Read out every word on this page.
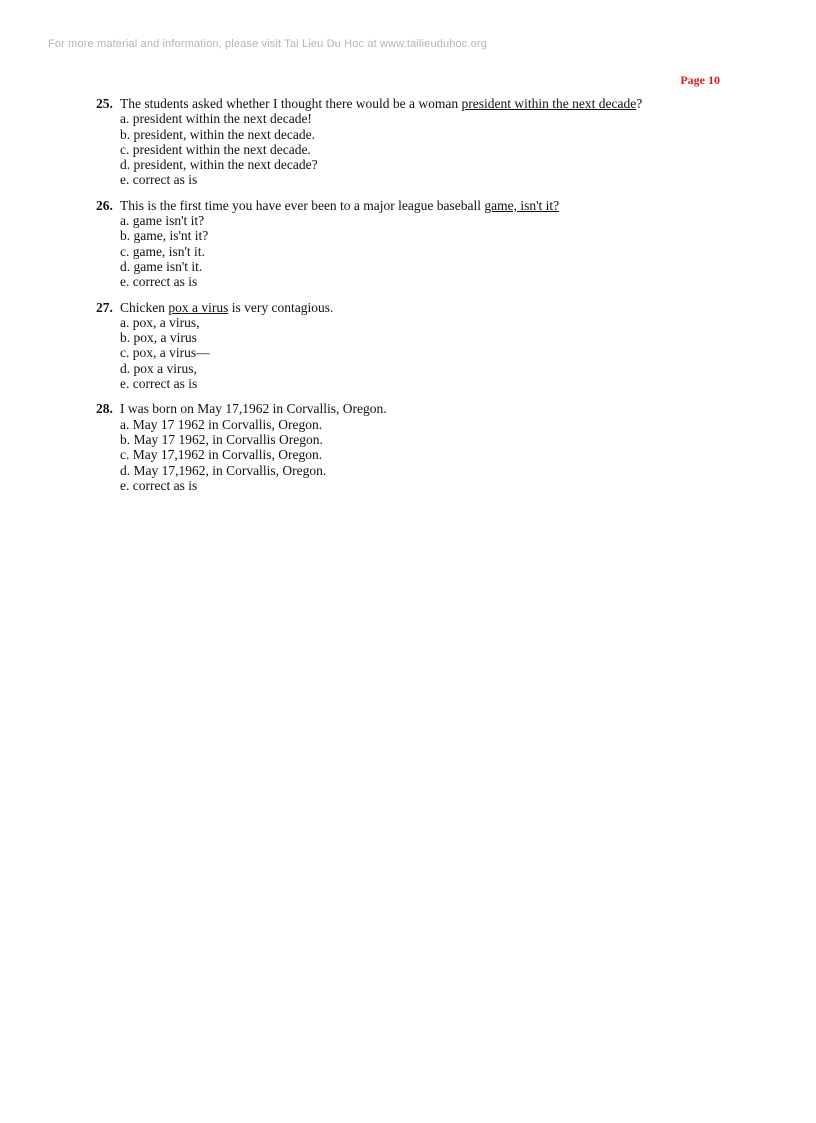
For more material and information, please visit Tai Lieu Du Hoc at www.tailieuduhoc.org
Page 10
25. The students asked whether I thought there would be a woman president within the next decade?
a. president within the next decade!
b. president, within the next decade.
c. president within the next decade.
d. president, within the next decade?
e. correct as is
26. This is the first time you have ever been to a major league baseball game, isn't it?
a. game isn't it?
b. game, is'nt it?
c. game, isn't it.
d. game isn't it.
e. correct as is
27. Chicken pox a virus is very contagious.
a. pox, a virus,
b. pox, a virus
c. pox, a virus—
d. pox a virus,
e. correct as is
28. I was born on May 17,1962 in Corvallis, Oregon.
a. May 17 1962 in Corvallis, Oregon.
b. May 17 1962, in Corvallis Oregon.
c. May 17,1962 in Corvallis, Oregon.
d. May 17,1962, in Corvallis, Oregon.
e. correct as is
